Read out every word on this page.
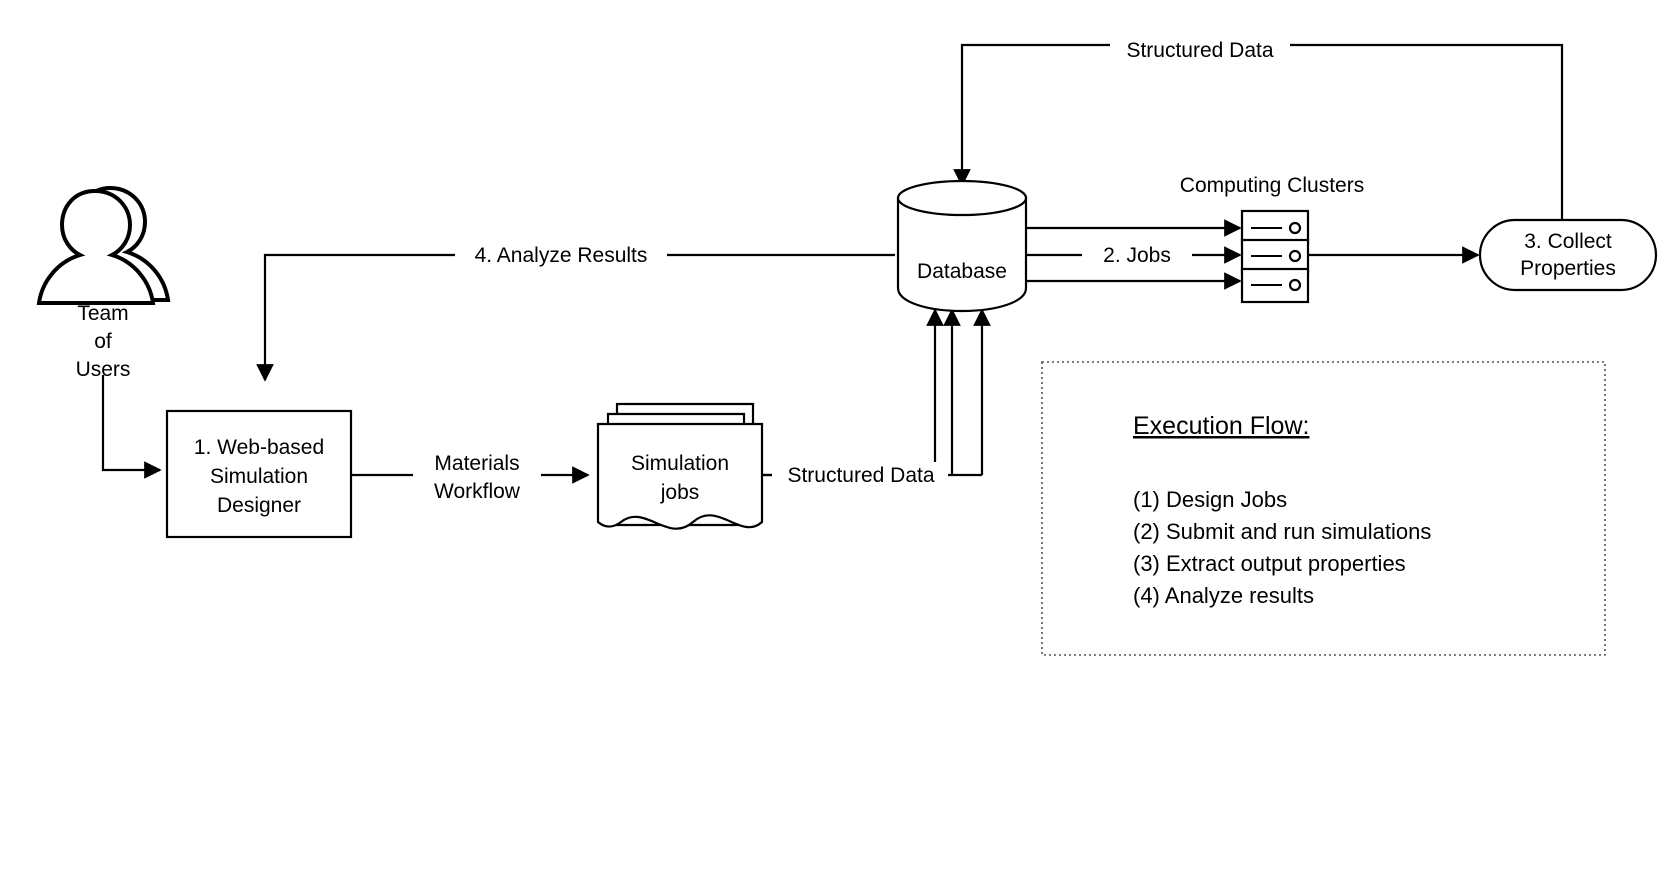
Team
of
Users
1. Web-based
Simulation
Designer
Materials
Workflow
Simulation
jobs
Structured Data
4. Analyze Results
Database
2. Jobs
Computing Clusters
3. Collect
Properties
Structured Data
Execution Flow:
(1) Design Jobs
(2) Submit and run simulations
(3) Extract output properties
(4) Analyze results
